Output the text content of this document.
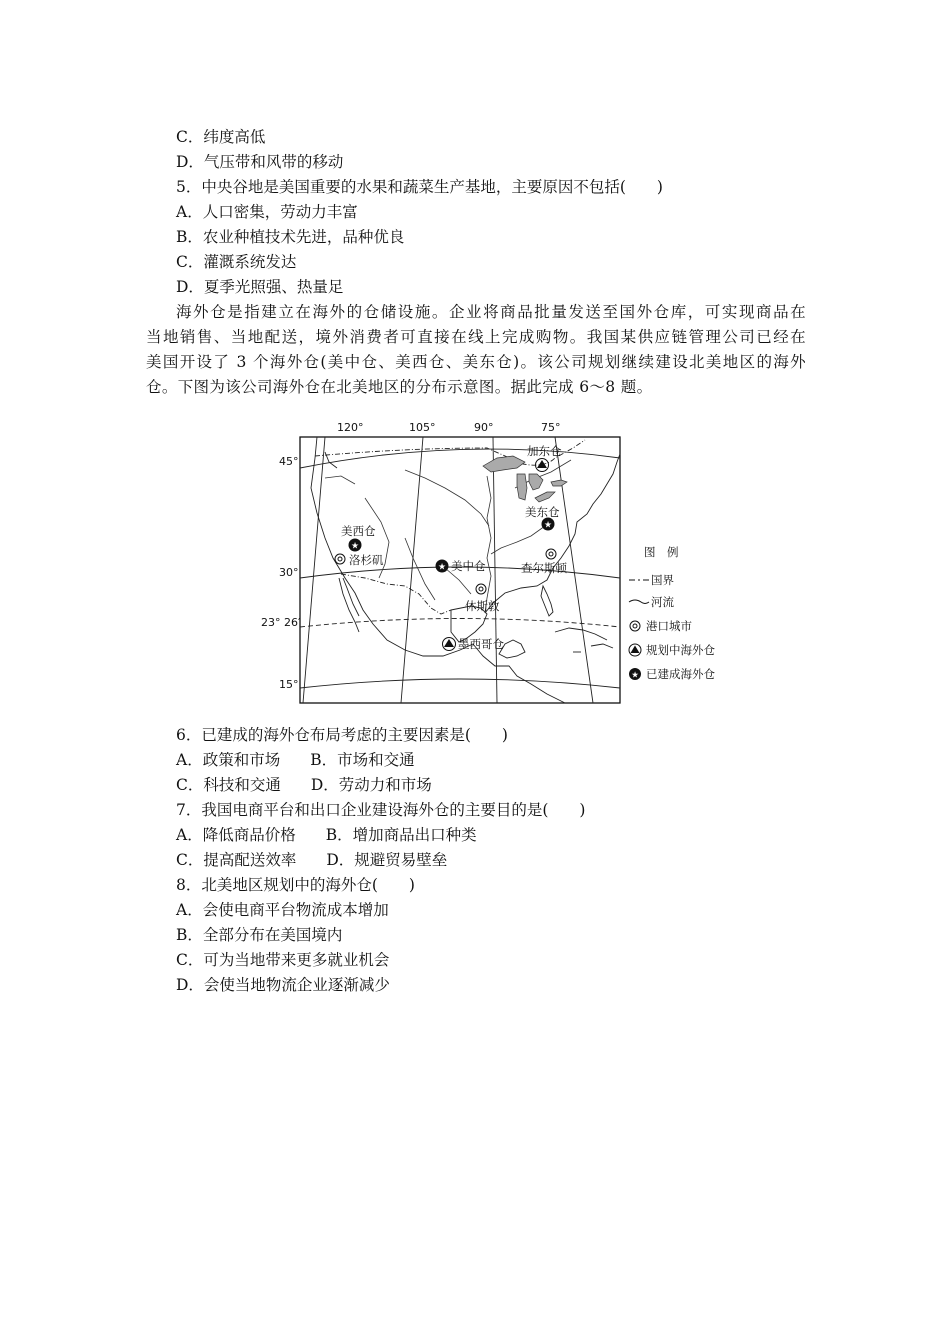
C．纬度高低
D．气压带和风带的移动
5．中央谷地是美国重要的水果和蔬菜生产基地，主要原因不包括(　　)
A．人口密集，劳动力丰富
B．农业种植技术先进，品种优良
C．灌溉系统发达
D．夏季光照强、热量足
海外仓是指建立在海外的仓储设施。企业将商品批量发送至国外仓库，可实现商品在
当地销售、当地配送，境外消费者可直接在线上完成购物。我国某供应链管理公司已经在
美国开设了 3 个海外仓(美中仓、美西仓、美东仓)。该公司规划继续建设北美地区的海外
仓。下图为该公司海外仓在北美地区的分布示意图。据此完成 6～8 题。
120°	105°	90°	75°
45°
30°
23° 26′
15°
★
★
★
加东仓
美西仓
洛杉矶
美东仓
美中仓	查尔斯顿
休斯敦
墨西哥仓
图　例
国界
河流
港口城市
规划中海外仓
★ 已建成海外仓
6．已建成的海外仓布局考虑的主要因素是(　　)
A．政策和市场 B．市场和交通
C．科技和交通 D．劳动力和市场
7．我国电商平台和出口企业建设海外仓的主要目的是(　　)
A．降低商品价格 B．增加商品出口种类
C．提高配送效率 D．规避贸易壁垒
8．北美地区规划中的海外仓(　　)
A．会使电商平台物流成本增加
B．全部分布在美国境内
C．可为当地带来更多就业机会
D．会使当地物流企业逐渐减少
